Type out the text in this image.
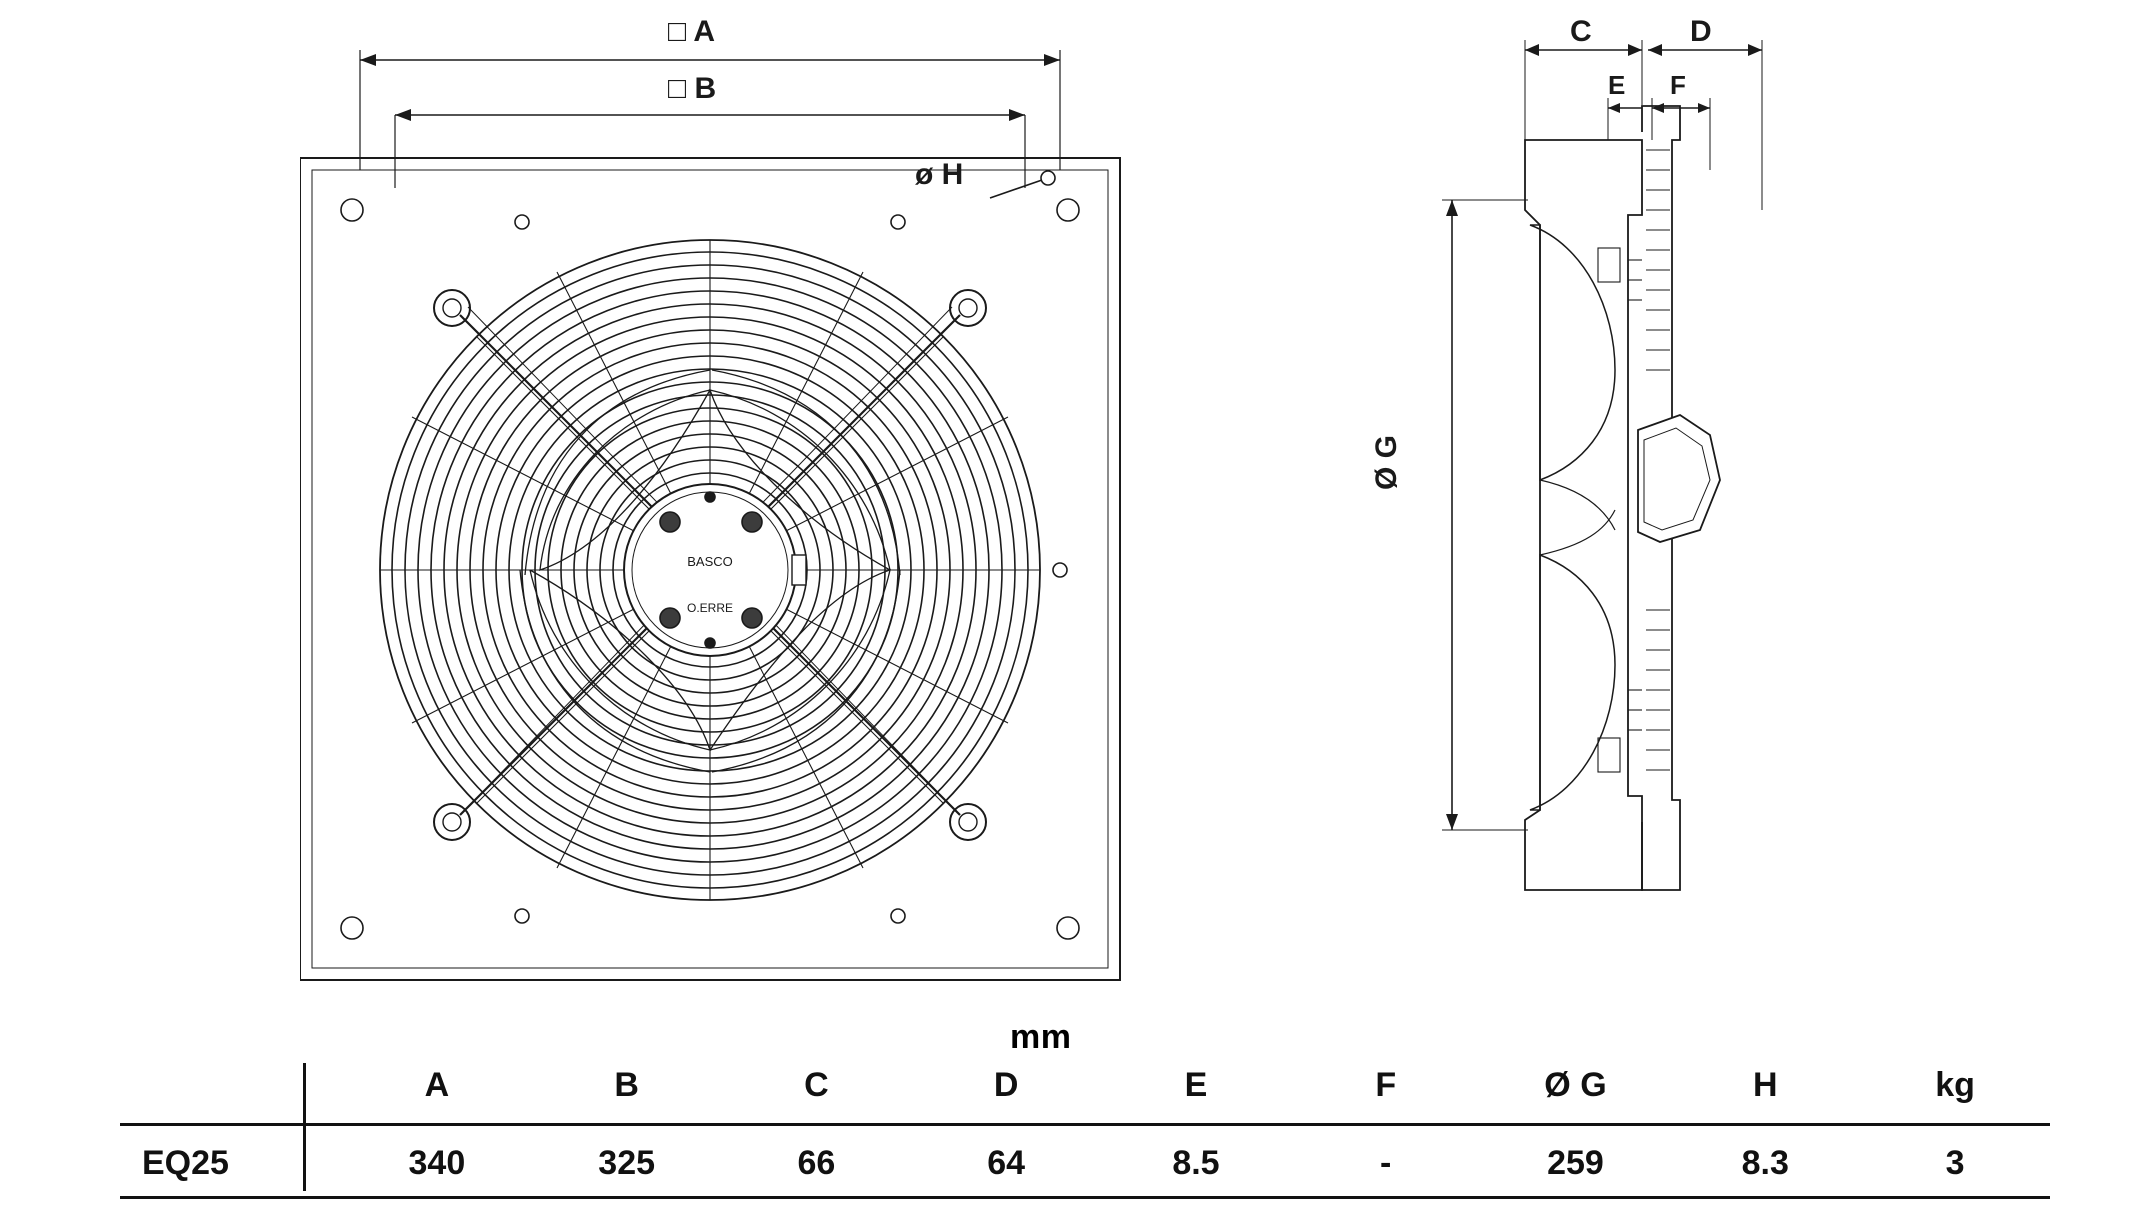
BASCO
O.ERRE
□ A
□ B
ø H
C	D
E F
Ø G
mm
	A	B	C	D	E	F	Ø G	H	kg
EQ25	340	325	66	64	8.5	-	259	8.3	3
